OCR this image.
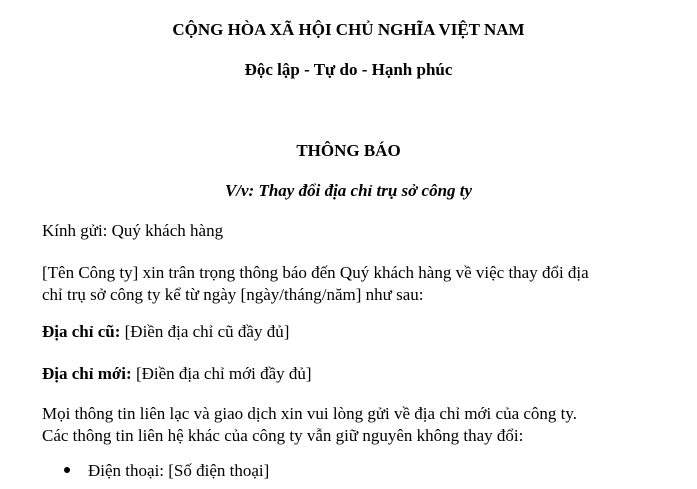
CỘNG HÒA XÃ HỘI CHỦ NGHĨA VIỆT NAM
Độc lập - Tự do - Hạnh phúc
THÔNG BÁO
V/v: Thay đổi địa chỉ trụ sở công ty
Kính gửi: Quý khách hàng
[Tên Công ty] xin trân trọng thông báo đến Quý khách hàng về việc thay đổi địa
chỉ trụ sở công ty kể từ ngày [ngày/tháng/năm] như sau:
Địa chỉ cũ: [Điền địa chỉ cũ đầy đủ]
Địa chỉ mới: [Điền địa chỉ mới đầy đủ]
Mọi thông tin liên lạc và giao dịch xin vui lòng gửi về địa chỉ mới của công ty.
Các thông tin liên hệ khác của công ty vẫn giữ nguyên không thay đổi:
Điện thoại: [Số điện thoại]
